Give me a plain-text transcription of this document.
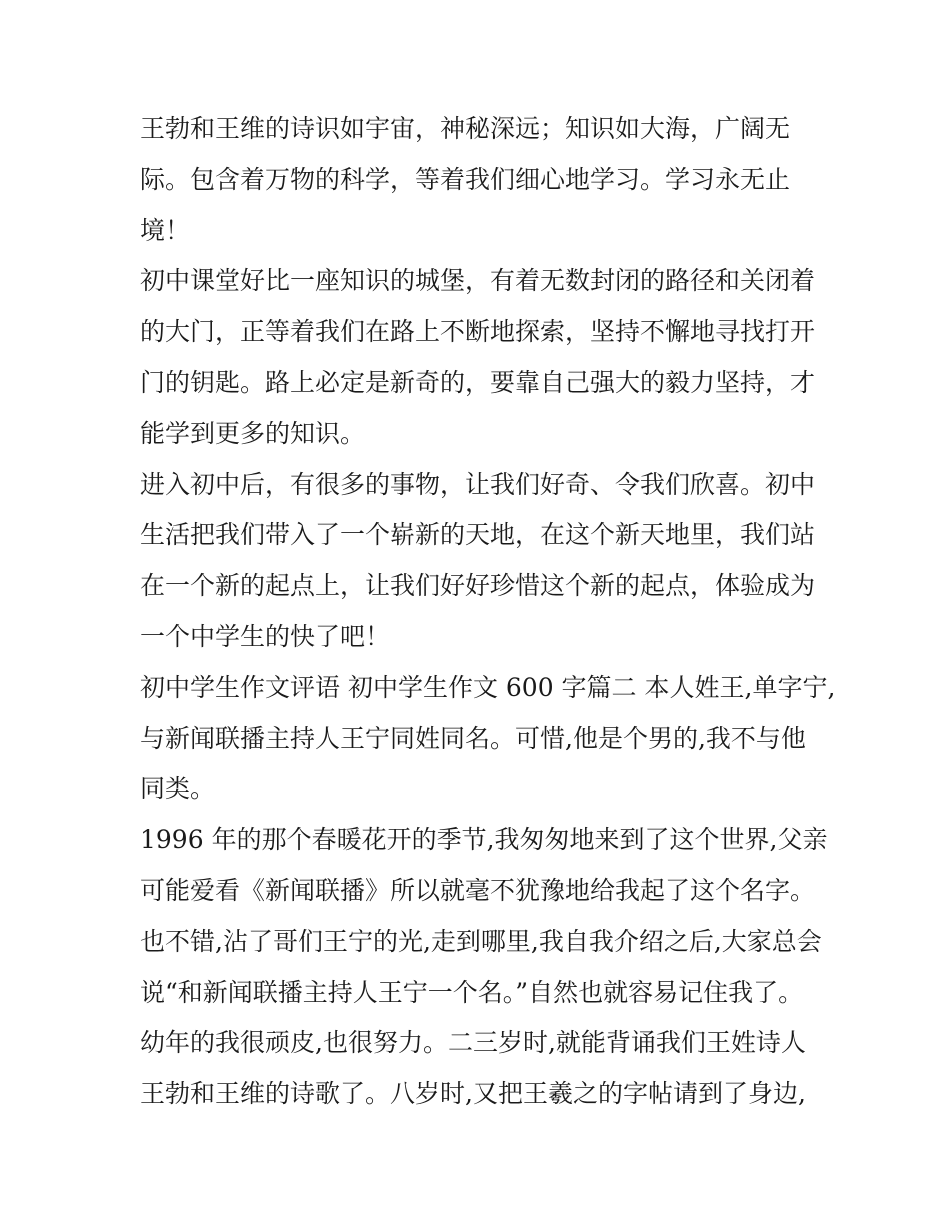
王勃和王维的诗识如宇宙，神秘深远；知识如大海，广阔无
际。包含着万物的科学，等着我们细心地学习。学习永无止
境！
初中课堂好比一座知识的城堡，有着无数封闭的路径和关闭着
的大门，正等着我们在路上不断地探索，坚持不懈地寻找打开
门的钥匙。路上必定是新奇的，要靠自己强大的毅力坚持，才
能学到更多的知识。
进入初中后，有很多的事物，让我们好奇、令我们欣喜。初中
生活把我们带入了一个崭新的天地，在这个新天地里，我们站
在一个新的起点上，让我们好好珍惜这个新的起点，体验成为
一个中学生的快了吧！
初中学生作文评语 初中学生作文 600 字篇二 本人姓王,单字宁,
与新闻联播主持人王宁同姓同名。可惜,他是个男的,我不与他
同类。
1996 年的那个春暖花开的季节,我匆匆地来到了这个世界,父亲
可能爱看《新闻联播》所以就毫不犹豫地给我起了这个名字。
也不错,沾了哥们王宁的光,走到哪里,我自我介绍之后,大家总会
说“和新闻联播主持人王宁一个名。”自然也就容易记住我了。
幼年的我很顽皮,也很努力。二三岁时,就能背诵我们王姓诗人
王勃和王维的诗歌了。八岁时,又把王羲之的字帖请到了身边,
